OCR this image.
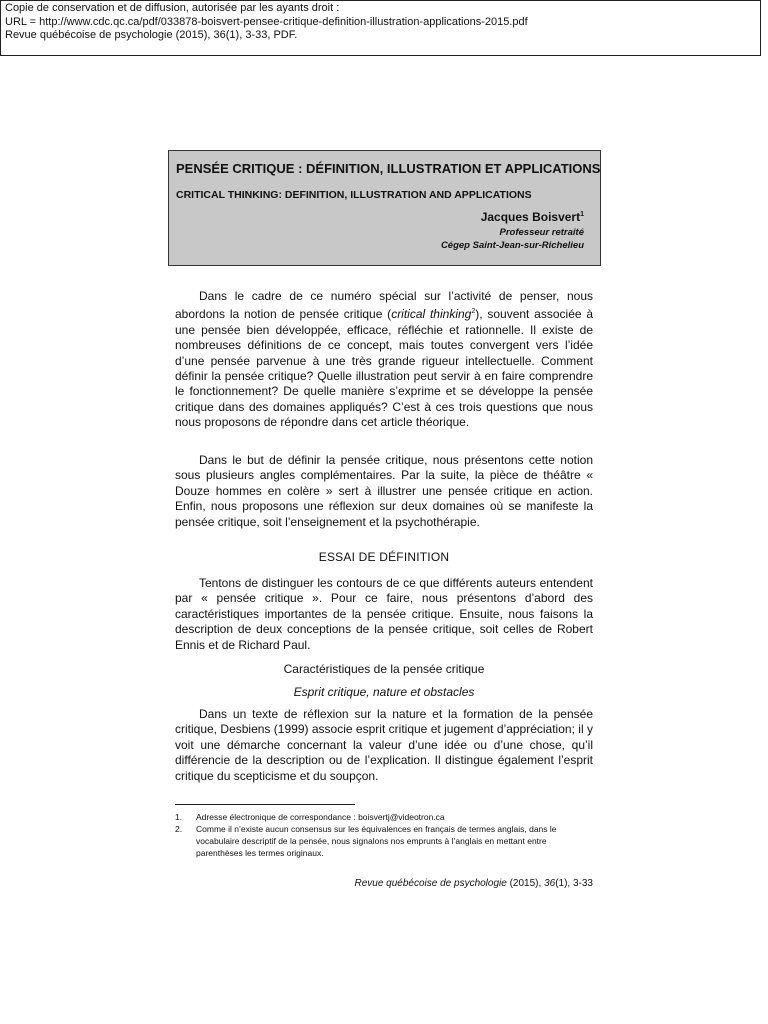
Copie de conservation et de diffusion, autorisée par les ayants droit :
URL = http://www.cdc.qc.ca/pdf/033878-boisvert-pensee-critique-definition-illustration-applications-2015.pdf
Revue québécoise de psychologie (2015), 36(1), 3-33, PDF.
PENSÉE CRITIQUE : DÉFINITION, ILLUSTRATION ET APPLICATIONS
CRITICAL THINKING: DEFINITION, ILLUSTRATION AND APPLICATIONS
Jacques Boisvert$^1$
Professeur retraité
Cégep Saint-Jean-sur-Richelieu

Dans le cadre de ce numéro spécial sur l’activité de penser, nous abordons la notion de pensée critique (critical thinking$^2$), souvent associée à une pensée bien développée, efficace, réfléchie et rationnelle. Il existe de nombreuses définitions de ce concept, mais toutes convergent vers l’idée d’une pensée parvenue à une très grande rigueur intellectuelle. Comment définir la pensée critique? Quelle illustration peut servir à en faire comprendre le fonctionnement? De quelle manière s’exprime et se développe la pensée critique dans des domaines appliqués? C’est à ces trois questions que nous nous proposons de répondre dans cet article théorique.

Dans le but de définir la pensée critique, nous présentons cette notion sous plusieurs angles complémentaires. Par la suite, la pièce de théâtre « Douze hommes en colère » sert à illustrer une pensée critique en action. Enfin, nous proposons une réflexion sur deux domaines où se manifeste la pensée critique, soit l’enseignement et la psychothérapie.

ESSAI DE DÉFINITION

Tentons de distinguer les contours de ce que différents auteurs entendent par « pensée critique ». Pour ce faire, nous présentons d’abord des caractéristiques importantes de la pensée critique. Ensuite, nous faisons la description de deux conceptions de la pensée critique, soit celles de Robert Ennis et de Richard Paul.

Caractéristiques de la pensée critique
Esprit critique, nature et obstacles

Dans un texte de réflexion sur la nature et la formation de la pensée critique, Desbiens (1999) associe esprit critique et jugement d’appréciation; il y voit une démarche concernant la valeur d’une idée ou d’une chose, qu’il différencie de la description ou de l’explication. Il distingue également l’esprit critique du scepticisme et du soupçon.

1. Adresse électronique de correspondance : boisvertj@videotron.ca
2. Comme il n’existe aucun consensus sur les équivalences en français de termes anglais, dans le vocabulaire descriptif de la pensée, nous signalons nos emprunts à l’anglais en mettant entre parenthèses les termes originaux.
Revue québécoise de psychologie (2015), 36(1), 3-33
